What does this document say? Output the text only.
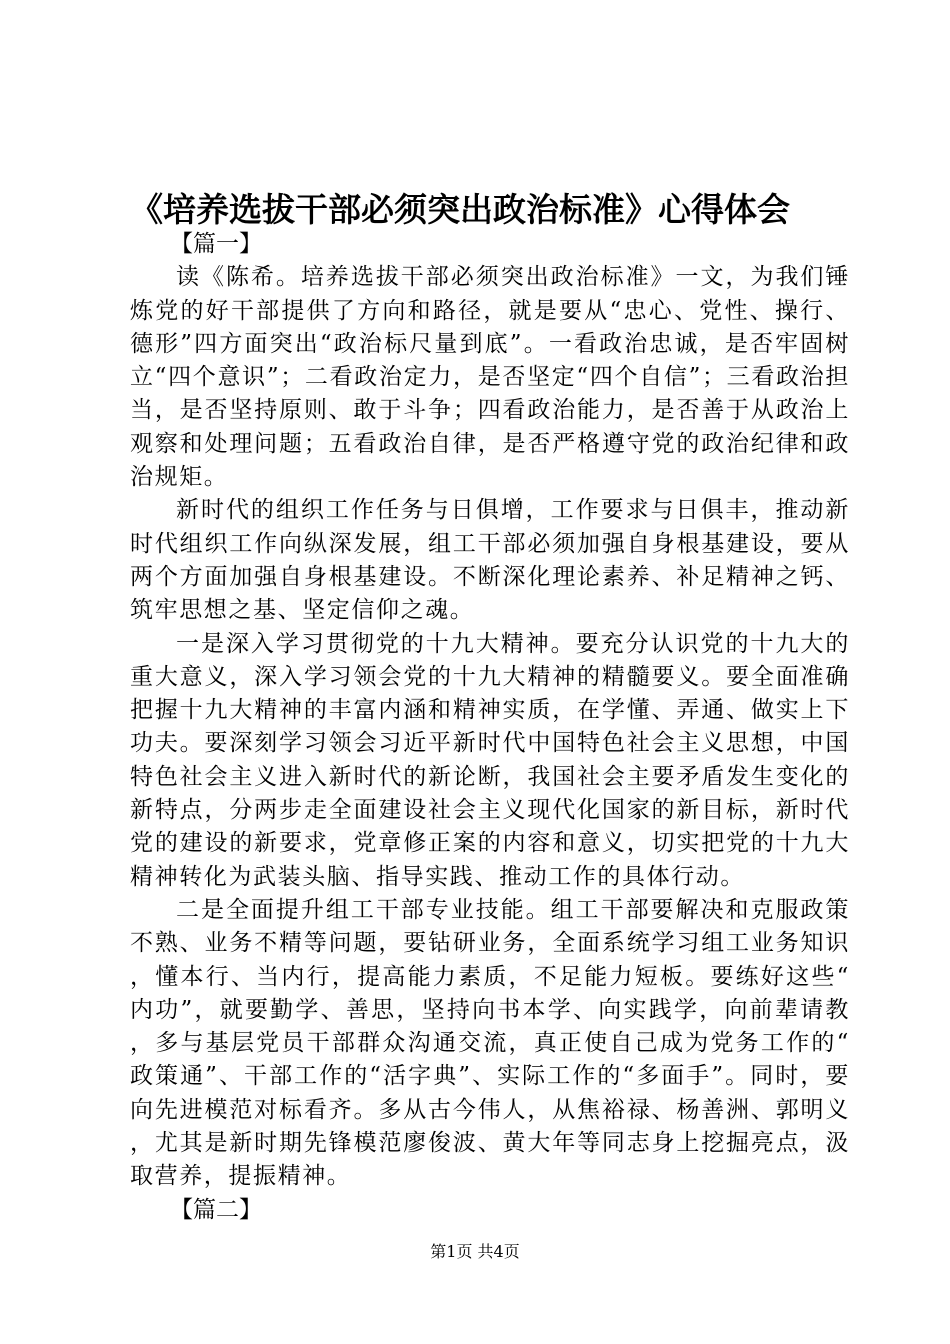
《培养选拔干部必须突出政治标准》心得体会

【篇一】

读《陈希。培养选拔干部必须突出政治标准》一文，为我们锤炼党的好干部提供了方向和路径，就是要从“忠心、党性、操行、德形”四方面突出“政治标尺量到底”。一看政治忠诚，是否牢固树立“四个意识”；二看政治定力，是否坚定“四个自信”；三看政治担当，是否坚持原则、敢于斗争；四看政治能力，是否善于从政治上观察和处理问题；五看政治自律，是否严格遵守党的政治纪律和政治规矩。

新时代的组织工作任务与日俱增，工作要求与日俱丰，推动新时代组织工作向纵深发展，组工干部必须加强自身根基建设，要从两个方面加强自身根基建设。不断深化理论素养、补足精神之钙、筑牢思想之基、坚定信仰之魂。

一是深入学习贯彻党的十九大精神。要充分认识党的十九大的重大意义，深入学习领会党的十九大精神的精髓要义。要全面准确把握十九大精神的丰富内涵和精神实质，在学懂、弄通、做实上下功夫。要深刻学习领会习近平新时代中国特色社会主义思想，中国特色社会主义进入新时代的新论断，我国社会主要矛盾发生变化的新特点，分两步走全面建设社会主义现代化国家的新目标，新时代党的建设的新要求，党章修正案的内容和意义，切实把党的十九大精神转化为武装头脑、指导实践、推动工作的具体行动。

二是全面提升组工干部专业技能。组工干部要解决和克服政策不熟、业务不精等问题，要钻研业务，全面系统学习组工业务知识，懂本行、当内行，提高能力素质，不足能力短板。要练好这些“内功”，就要勤学、善思，坚持向书本学、向实践学，向前辈请教，多与基层党员干部群众沟通交流，真正使自己成为党务工作的“政策通”、干部工作的“活字典”、实际工作的“多面手”。同时，要向先进模范对标看齐。多从古今伟人，从焦裕禄、杨善洲、郭明义，尤其是新时期先锋模范廖俊波、黄大年等同志身上挖掘亮点，汲取营养，提振精神。

【篇二】

第1页 共4页
